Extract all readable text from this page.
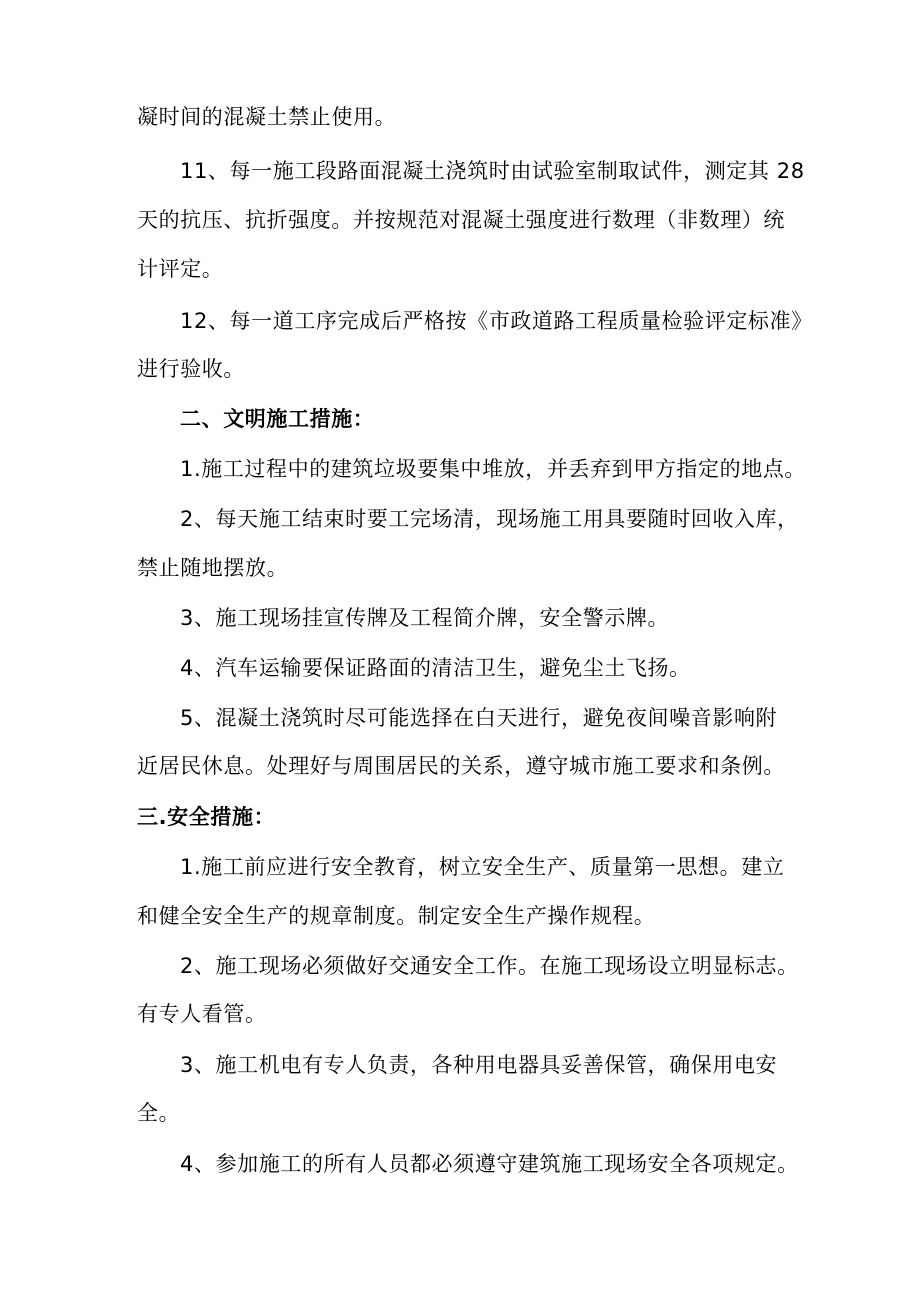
凝时间的混凝土禁止使用。
11、每一施工段路面混凝土浇筑时由试验室制取试件，测定其 28
天的抗压、抗折强度。并按规范对混凝土强度进行数理（非数理）统
计评定。
12、每一道工序完成后严格按《市政道路工程质量检验评定标准》
进行验收。
二、文明施工措施：
1.施工过程中的建筑垃圾要集中堆放，并丢弃到甲方指定的地点。
2、每天施工结束时要工完场清，现场施工用具要随时回收入库，
禁止随地摆放。
3、施工现场挂宣传牌及工程简介牌，安全警示牌。
4、汽车运输要保证路面的清洁卫生，避免尘土飞扬。
5、混凝土浇筑时尽可能选择在白天进行，避免夜间噪音影响附
近居民休息。处理好与周围居民的关系，遵守城市施工要求和条例。
三.安全措施：
1.施工前应进行安全教育，树立安全生产、质量第一思想。建立
和健全安全生产的规章制度。制定安全生产操作规程。
2、施工现场必须做好交通安全工作。在施工现场设立明显标志。
有专人看管。
3、施工机电有专人负责，各种用电器具妥善保管，确保用电安
全。
4、参加施工的所有人员都必须遵守建筑施工现场安全各项规定。
